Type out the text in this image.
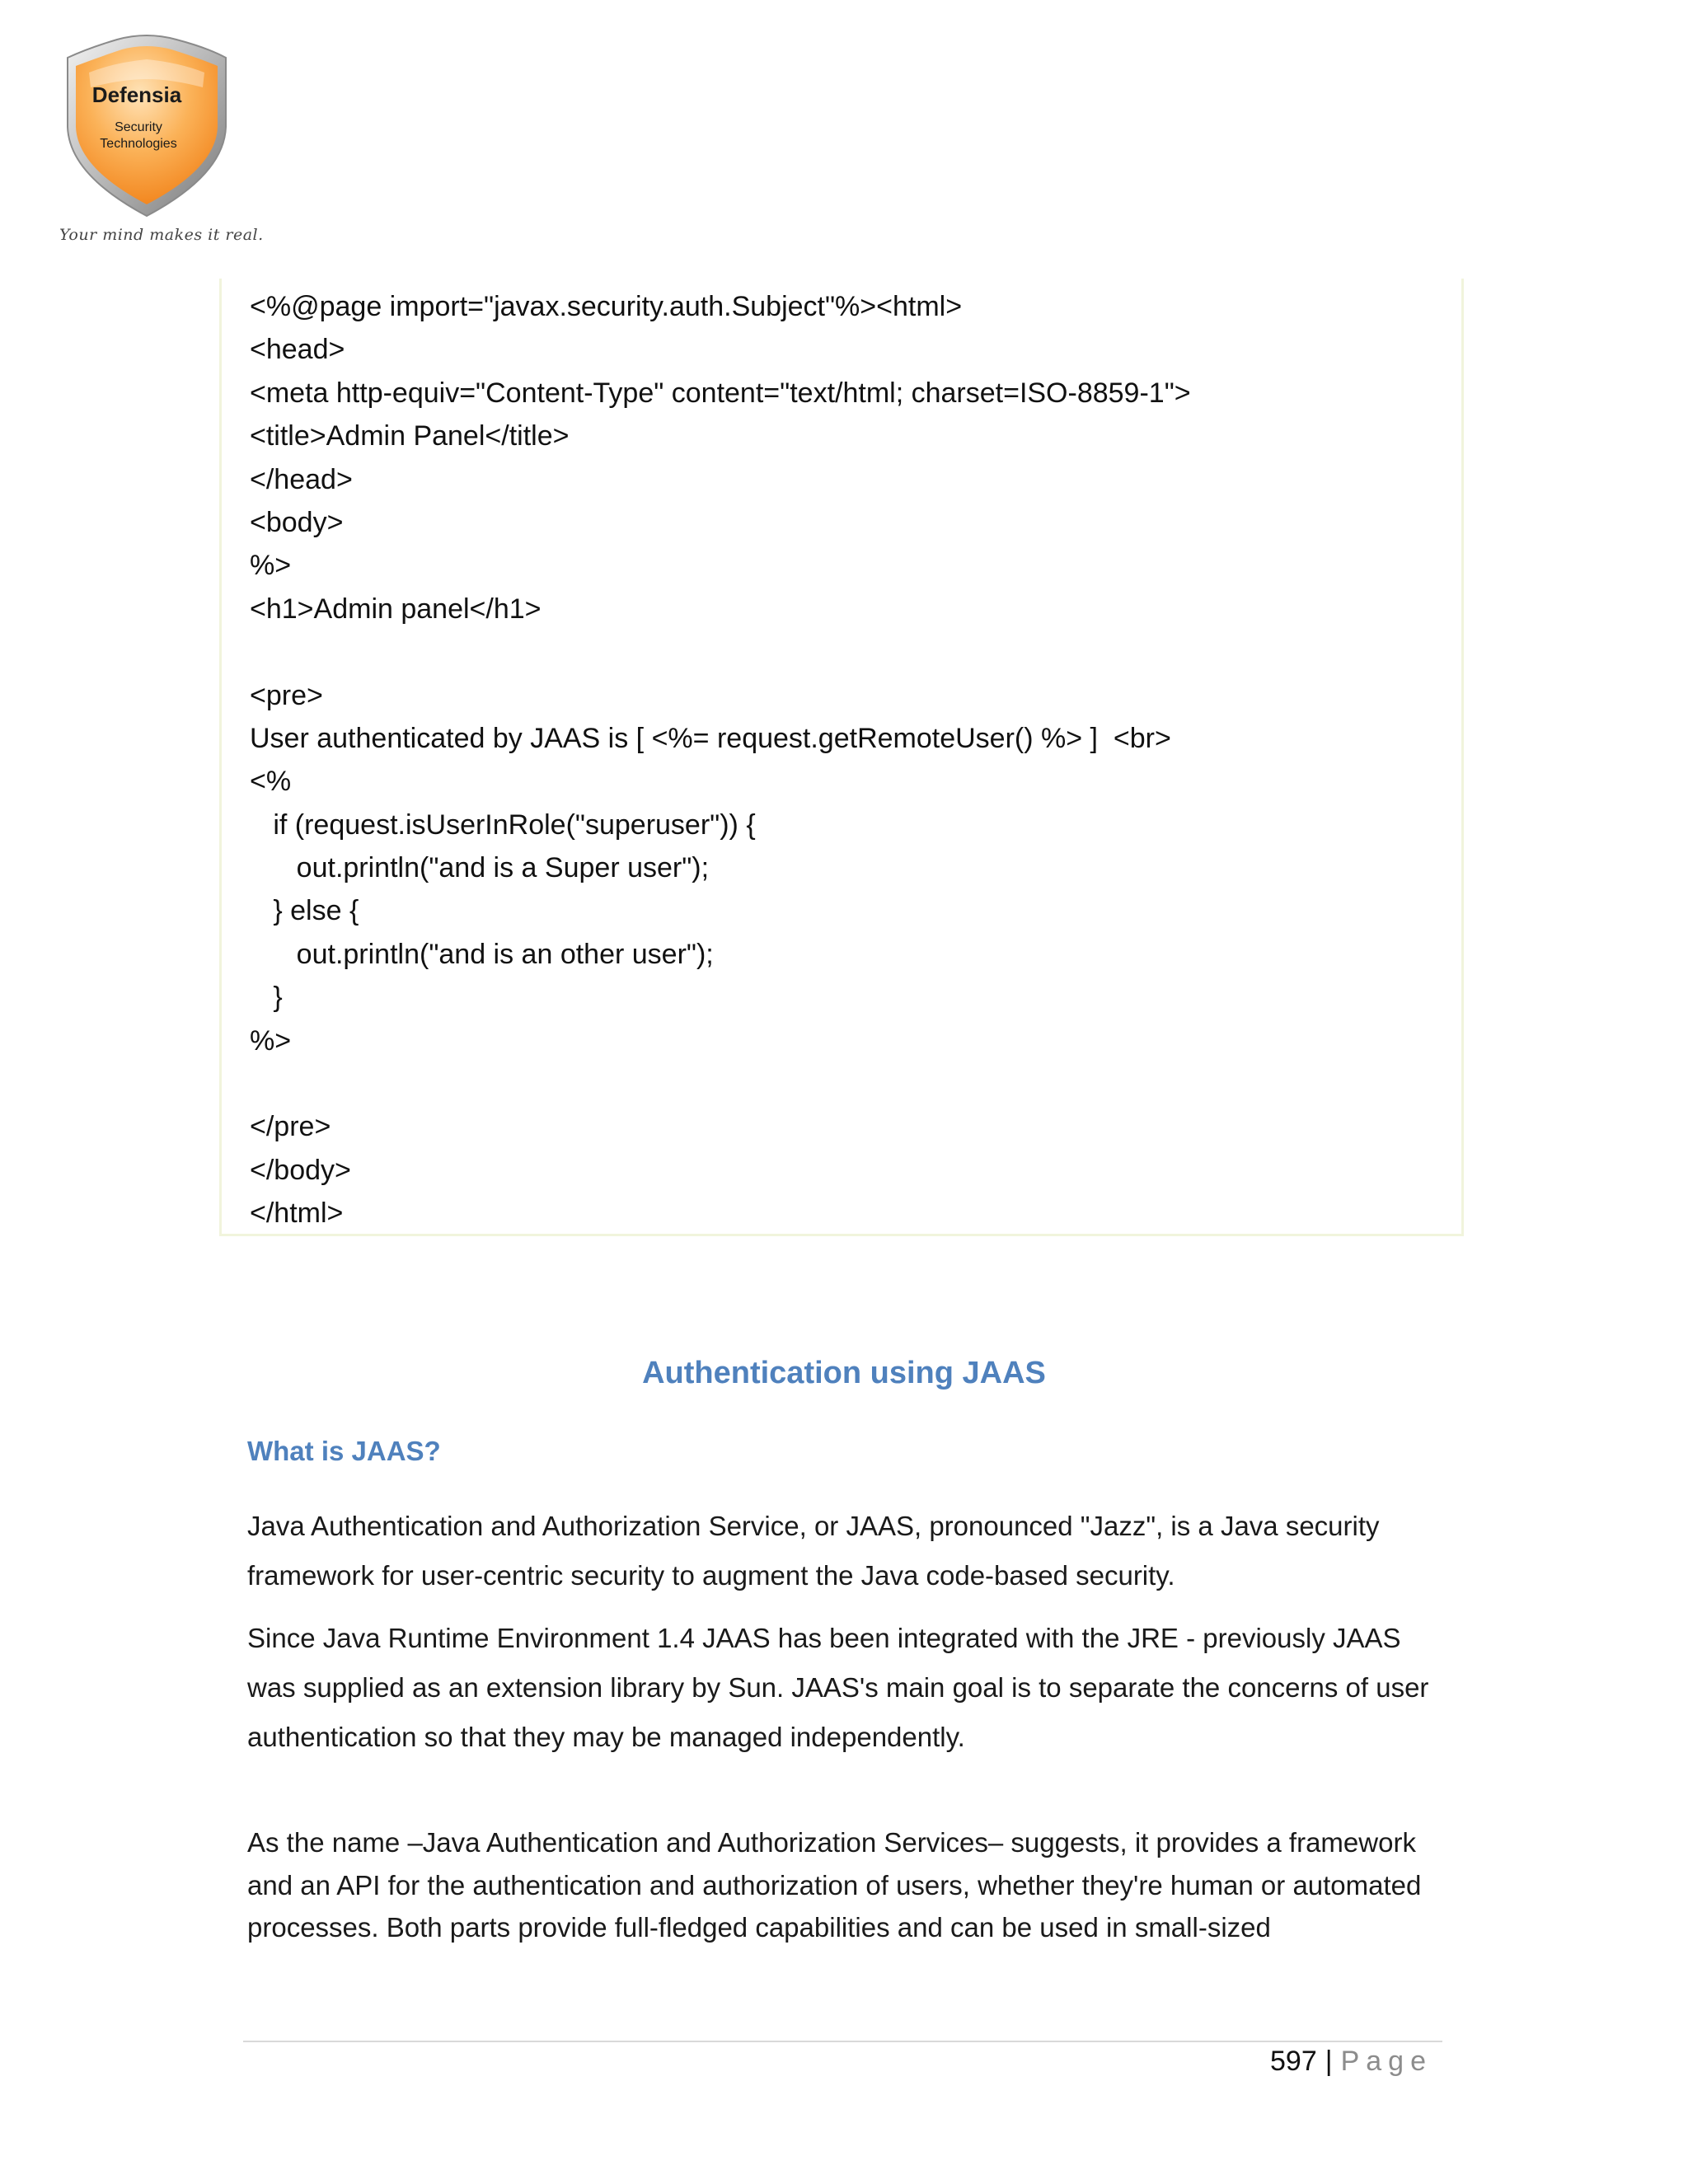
Defensia
Security
Technologies
Your mind makes it real.
<%@page import="javax.security.auth.Subject"%><html>
<head>
<meta http-equiv="Content-Type" content="text/html; charset=ISO-8859-1">
<title>Admin Panel</title>
</head>
<body>
%>
<h1>Admin panel</h1>
<pre>
User authenticated by JAAS is [ <%= request.getRemoteUser() %> ]  <br>
<%
if (request.isUserInRole("superuser")) {
out.println("and is a Super user");
} else {
out.println("and is an other user");
}
%>
</pre>
</body>
</html>
Authentication using JAAS
What is JAAS?

Java Authentication and Authorization Service, or JAAS, pronounced "Jazz", is a Java security framework for user-centric security to augment the Java code-based security.

Since Java Runtime Environment 1.4 JAAS has been integrated with the JRE - previously JAAS was supplied as an extension library by Sun. JAAS's main goal is to separate the concerns of user authentication so that they may be managed independently.

As the name –Java Authentication and Authorization Services– suggests, it provides a framework and an API for the authentication and authorization of users, whether they're human or automated processes. Both parts provide full-fledged capabilities and can be used in small-sized

597 | Page
